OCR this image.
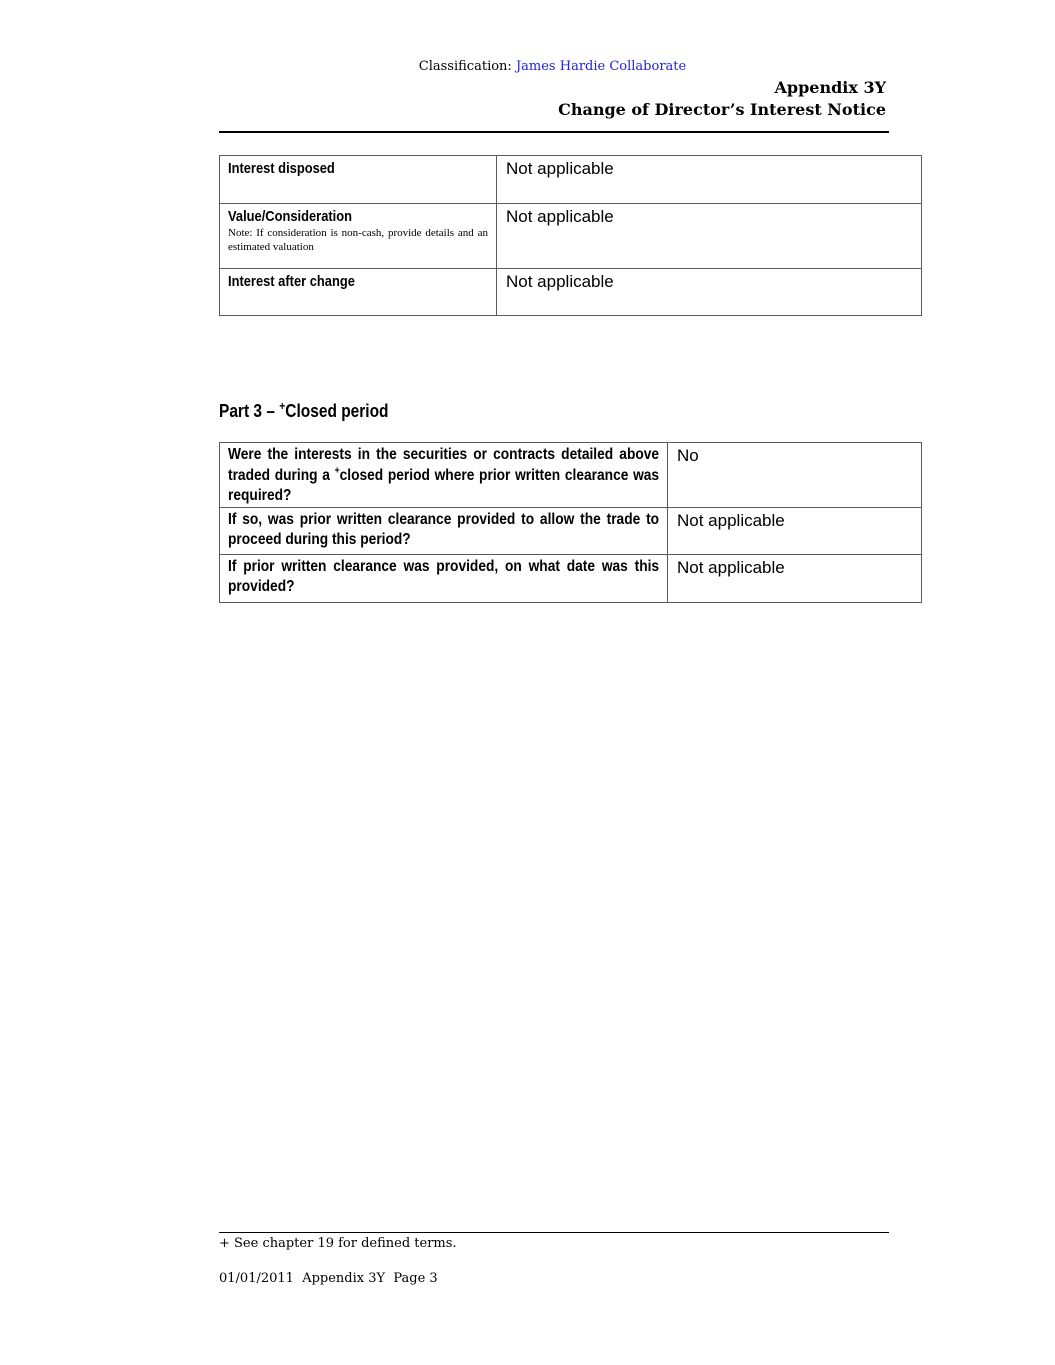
Classification: James Hardie Collaborate
Appendix 3Y
Change of Director’s Interest Notice
Interest disposed	Not applicable

Value/Consideration
Note: If consideration is non-cash, provide details and an estimated valuation	Not applicable

Interest after change	Not applicable
Part 3 – +Closed period
Were the interests in the securities or contracts detailed above traded during a +closed period where prior written clearance was required?	No

If so, was prior written clearance provided to allow the trade to proceed during this period?	Not applicable

If prior written clearance was provided, on what date was this provided?	Not applicable
+ See chapter 19 for defined terms.
01/01/2011 Appendix 3Y Page 3
